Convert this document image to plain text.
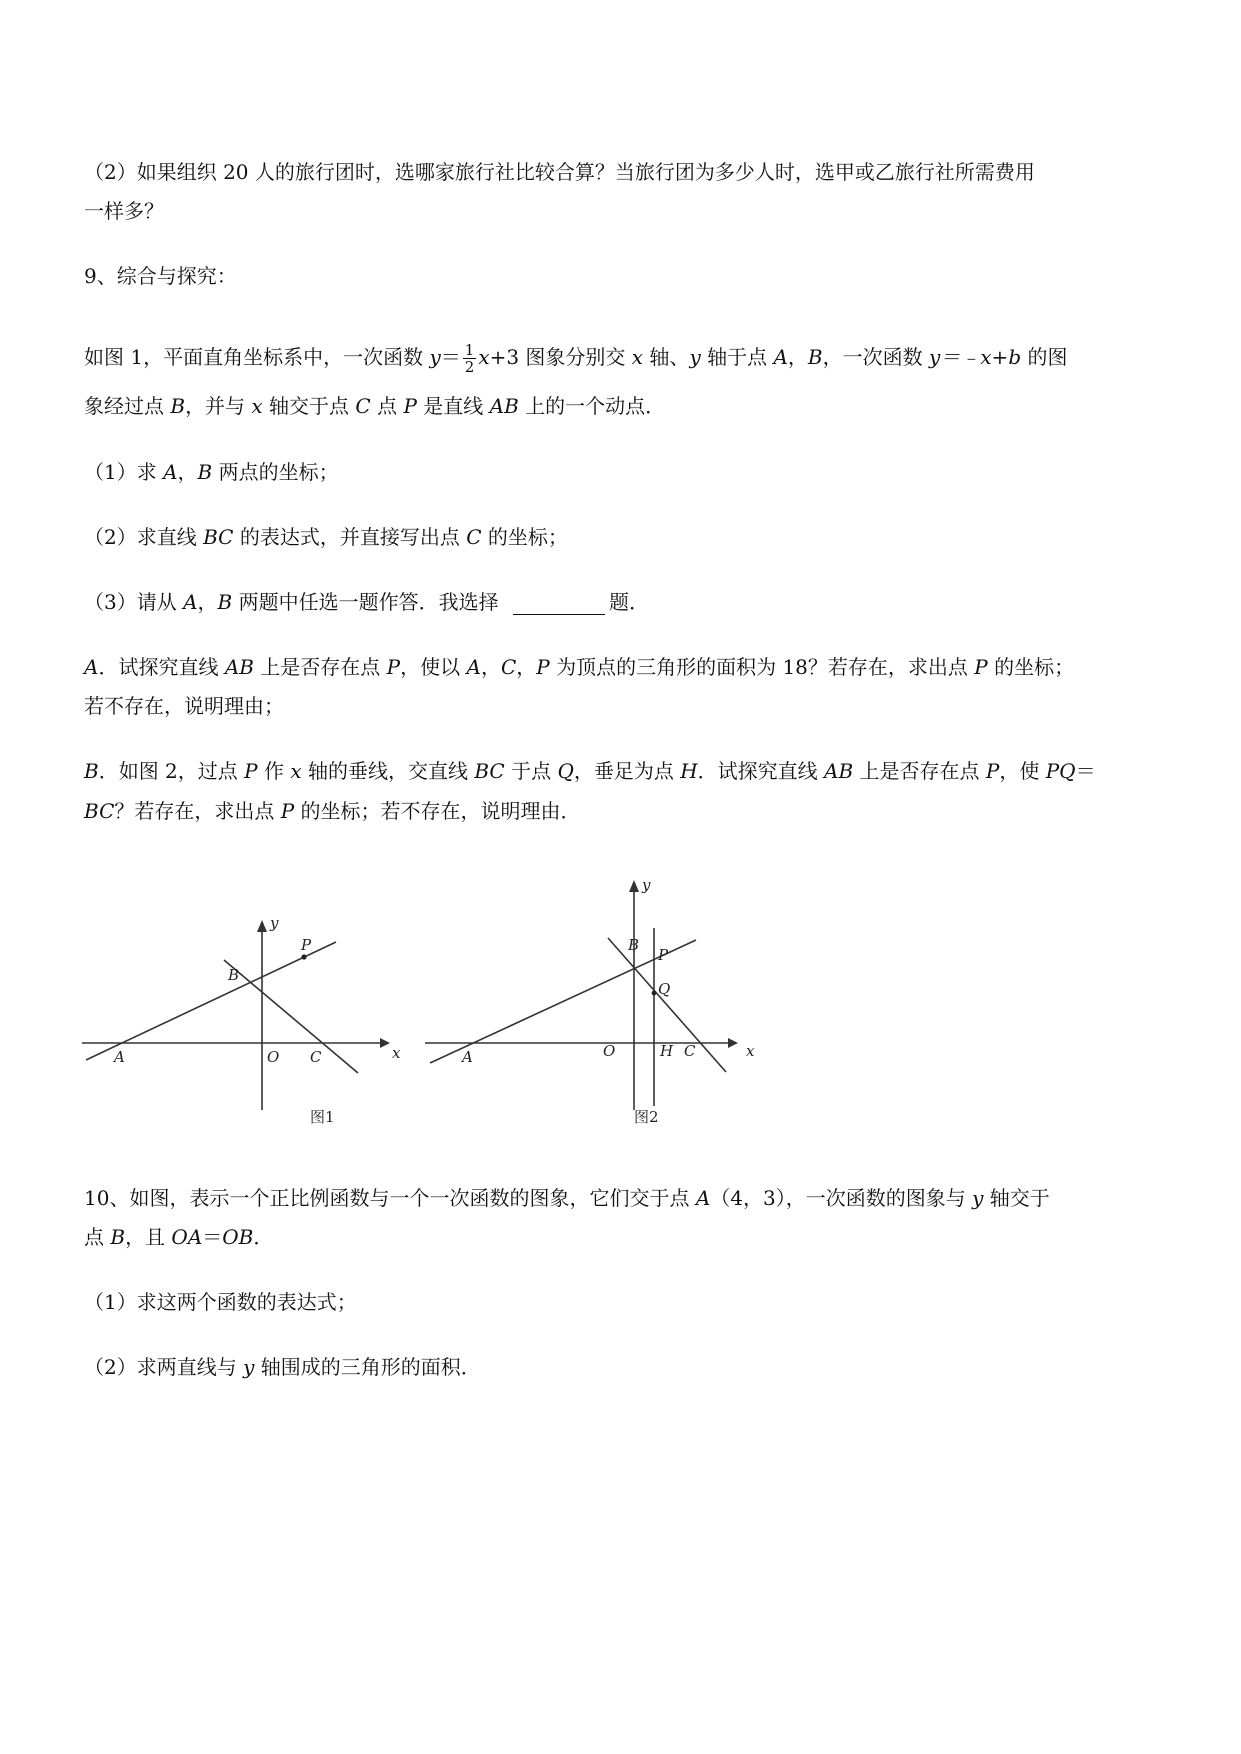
（2）如果组织 20 人的旅行团时，选哪家旅行社比较合算？当旅行团为多少人时，选甲或乙旅行社所需费用
一样多？
9、综合与探究：
如图 1，平面直角坐标系中，一次函数 $y= \frac{1}{2} x+3$ 图象分别交 x 轴、y 轴于点 A，B，一次函数 y＝﹣x+b 的图
象经过点 B，并与 x 轴交于点 C 点 P 是直线 AB 上的一个动点．
（1）求 A，B 两点的坐标；
（2）求直线 BC 的表达式，并直接写出点 C 的坐标；
（3）请从 A，B 两题中任选一题作答．我选择	题．
A．试探究直线 AB 上是否存在点 P，使以 A，C，P 为顶点的三角形的面积为 18？若存在，求出点 P 的坐标；
若不存在，说明理由；
B．如图 2，过点 P 作 x 轴的垂线，交直线 BC 于点 Q，垂足为点 H．试探究直线 AB 上是否存在点 P，使 PQ＝
BC？若存在，求出点 P 的坐标；若不存在，说明理由．
y
x
P
B
A	O C
图1
y
x
B
P
Q
A	O	H C
图2
10、如图，表示一个正比例函数与一个一次函数的图象，它们交于点 A（4，3），一次函数的图象与 y 轴交于
点 B，且 OA＝OB．
（1）求这两个函数的表达式；
（2）求两直线与 y 轴围成的三角形的面积．
